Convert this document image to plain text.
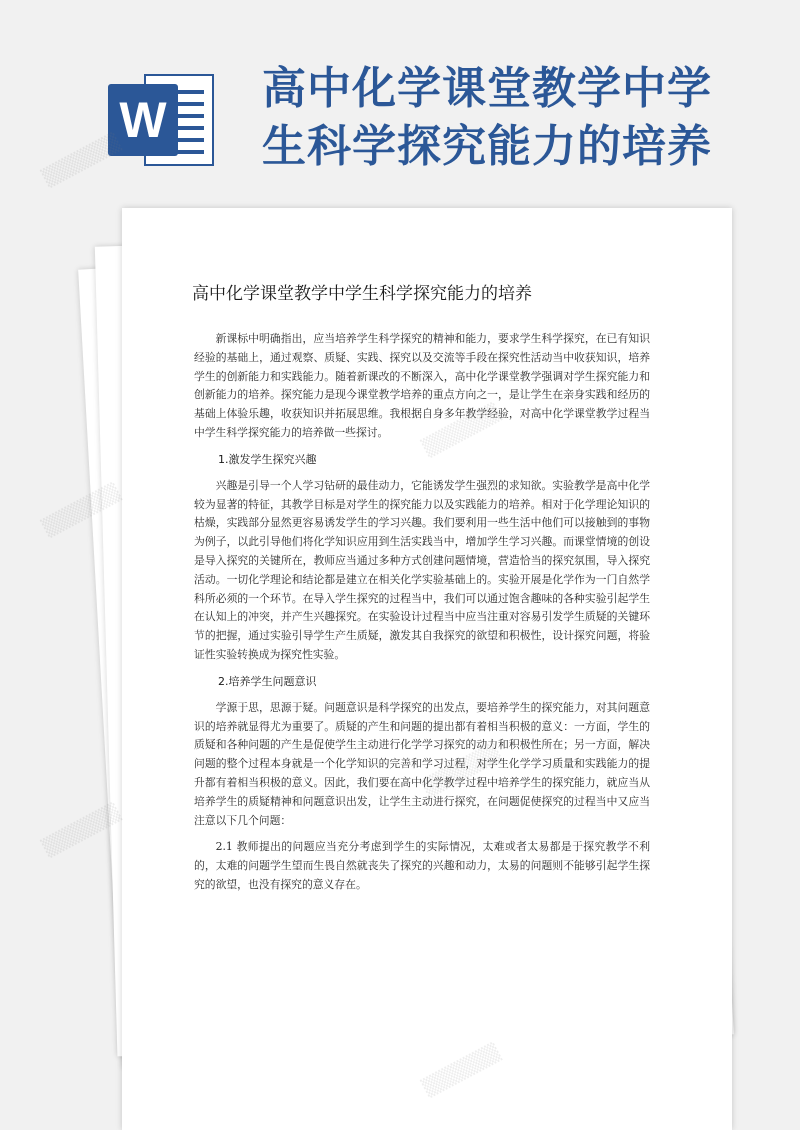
W
高中化学课堂教学中学生科学探究能力的培养
高中化学课堂教学中学生科学探究能力的培养

新课标中明确指出，应当培养学生科学探究的精神和能力，要求学生科学探究，在已有知识经验的基础上，通过观察、质疑、实践、探究以及交流等手段在探究性活动当中收获知识，培养学生的创新能力和实践能力。随着新课改的不断深入，高中化学课堂教学强调对学生探究能力和创新能力的培养。探究能力是现今课堂教学培养的重点方向之一，是让学生在亲身实践和经历的基础上体验乐趣，收获知识并拓展思维。我根据自身多年教学经验，对高中化学课堂教学过程当中学生科学探究能力的培养做一些探讨。

1.激发学生探究兴趣

兴趣是引导一个人学习钻研的最佳动力，它能诱发学生强烈的求知欲。实验教学是高中化学较为显著的特征，其教学目标是对学生的探究能力以及实践能力的培养。相对于化学理论知识的枯燥，实践部分显然更容易诱发学生的学习兴趣。我们要利用一些生活中他们可以接触到的事物为例子，以此引导他们将化学知识应用到生活实践当中，增加学生学习兴趣。而课堂情境的创设是导入探究的关键所在，教师应当通过多种方式创建问题情境，营造恰当的探究氛围，导入探究活动。一切化学理论和结论都是建立在相关化学实验基础上的。实验开展是化学作为一门自然学科所必须的一个环节。在导入学生探究的过程当中，我们可以通过饱含趣味的各种实验引起学生在认知上的冲突，并产生兴趣探究。在实验设计过程当中应当注重对容易引发学生质疑的关键环节的把握，通过实验引导学生产生质疑，激发其自我探究的欲望和积极性，设计探究问题，将验证性实验转换成为探究性实验。

2.培养学生问题意识

学源于思，思源于疑。问题意识是科学探究的出发点，要培养学生的探究能力，对其问题意识的培养就显得尤为重要了。质疑的产生和问题的提出都有着相当积极的意义：一方面，学生的质疑和各种问题的产生是促使学生主动进行化学学习探究的动力和积极性所在；另一方面，解决问题的整个过程本身就是一个化学知识的完善和学习过程，对学生化学学习质量和实践能力的提升都有着相当积极的意义。因此，我们要在高中化学教学过程中培养学生的探究能力，就应当从培养学生的质疑精神和问题意识出发，让学生主动进行探究，在问题促使探究的过程当中又应当注意以下几个问题：

2.1 教师提出的问题应当充分考虑到学生的实际情况，太难或者太易都是于探究教学不利的，太难的问题学生望而生畏自然就丧失了探究的兴趣和动力，太易的问题则不能够引起学生探究的欲望，也没有探究的意义存在。

▒▒▒▒▒▒
▒▒▒▒▒▒
▒▒▒▒▒▒
